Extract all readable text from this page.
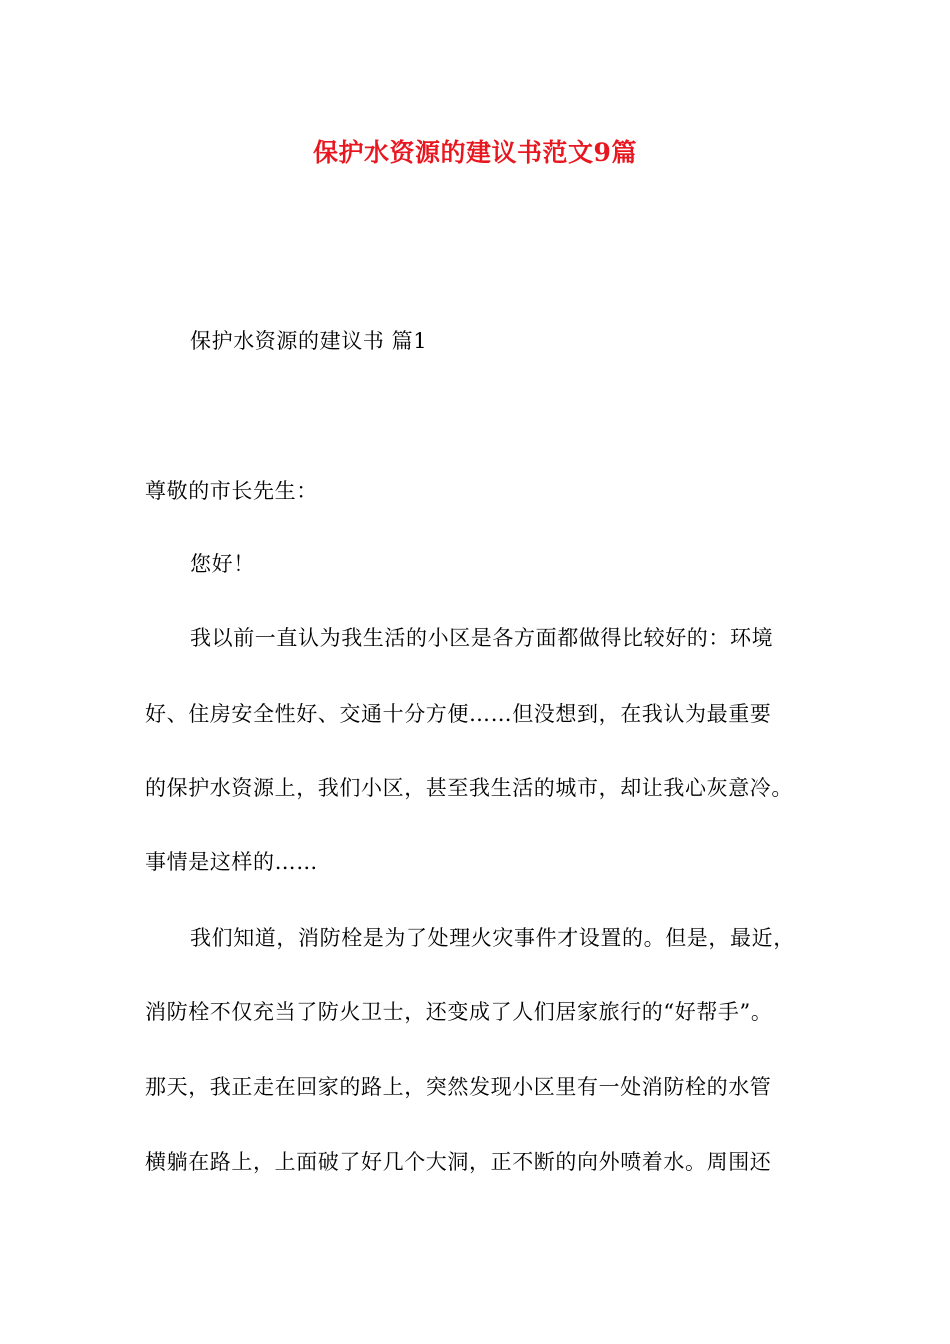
保护水资源的建议书范文9篇
保护水资源的建议书 篇1
尊敬的市长先生：
您好！
我以前一直认为我生活的小区是各方面都做得比较好的：环境
好、住房安全性好、交通十分方便……但没想到，在我认为最重要
的保护水资源上，我们小区，甚至我生活的城市，却让我心灰意冷。
事情是这样的……
我们知道，消防栓是为了处理火灾事件才设置的。但是，最近，
消防栓不仅充当了防火卫士，还变成了人们居家旅行的“好帮手”。
那天，我正走在回家的路上，突然发现小区里有一处消防栓的水管
横躺在路上，上面破了好几个大洞，正不断的向外喷着水。周围还
